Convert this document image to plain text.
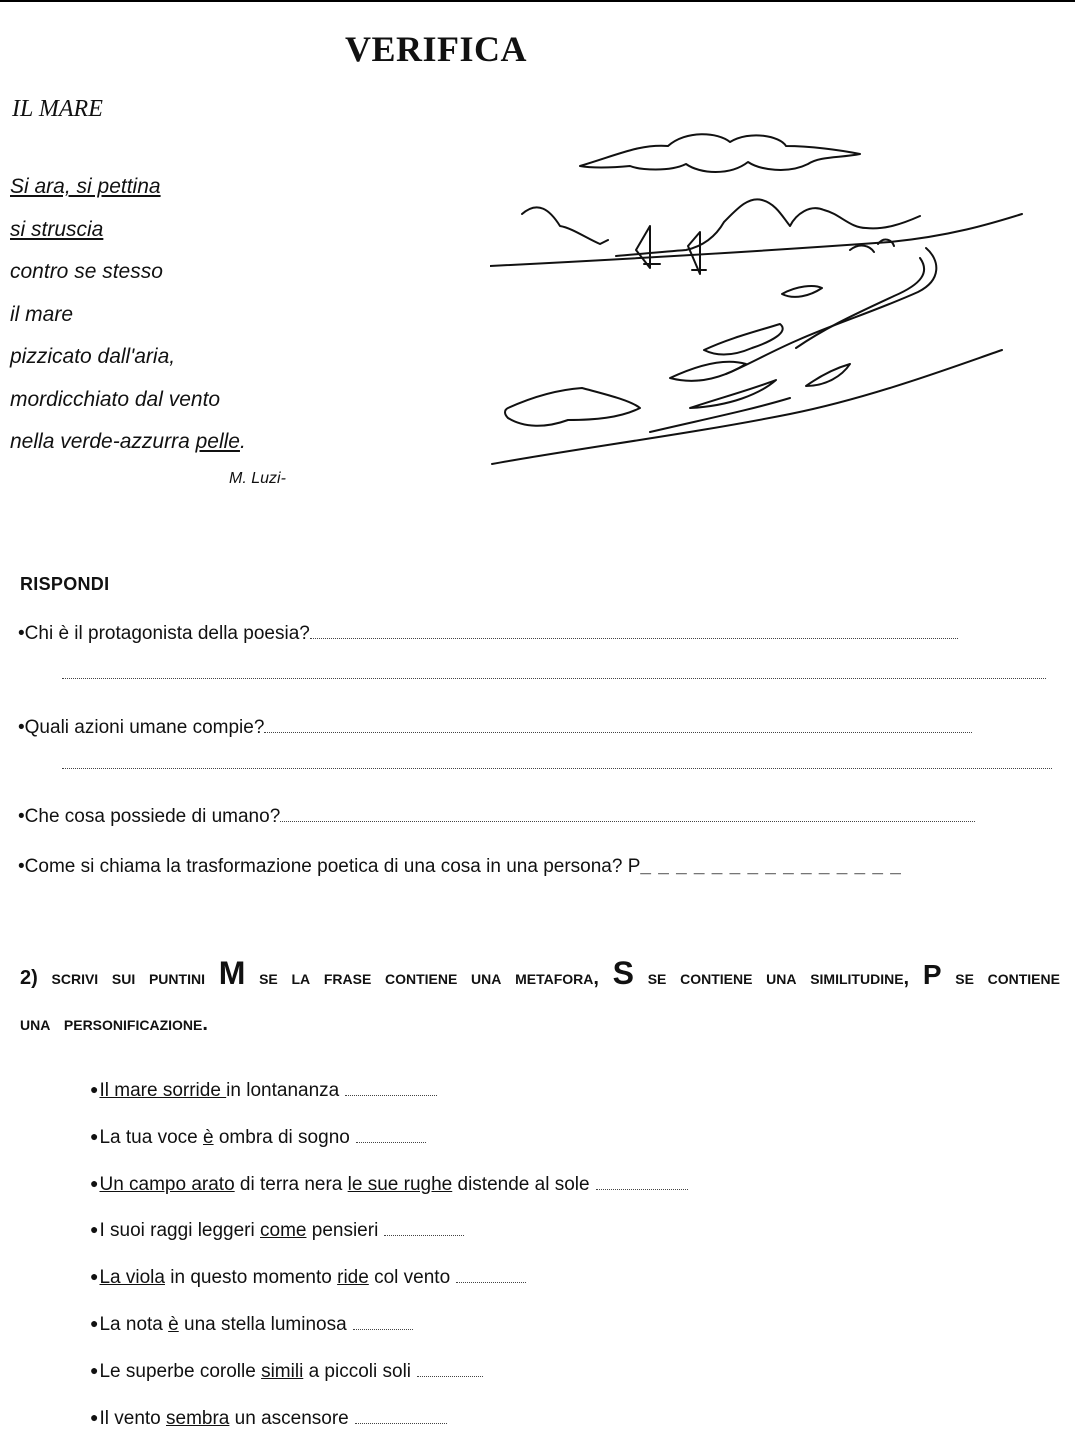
VERIFICA
IL MARE
Si ara, si pettina
si struscia
contro se stesso
il mare
pizzicato dall'aria,
mordicchiato dal vento
nella verde-azzurra pelle.
M. Luzi-
RISPONDI
•Chi è il protagonista della poesia?
•Quali azioni umane compie?
•Che cosa possiede di umano?
•Come si chiama la trasformazione poetica di una cosa in una persona? P_ _ _ _ _ _ _ _ _ _ _ _ _ _ _
2) scrivi sui puntini M se la frase contiene una metafora, S se contiene una similitudine, P se contiene una personificazione.
●Il mare sorride in lontananza
●La tua voce è ombra di sogno
●Un campo arato di terra nera le sue rughe distende al sole
●I suoi raggi leggeri come pensieri
●La viola in questo momento ride col vento
●La nota è una stella luminosa
●Le superbe corolle simili a piccoli soli
●Il vento sembra un ascensore
